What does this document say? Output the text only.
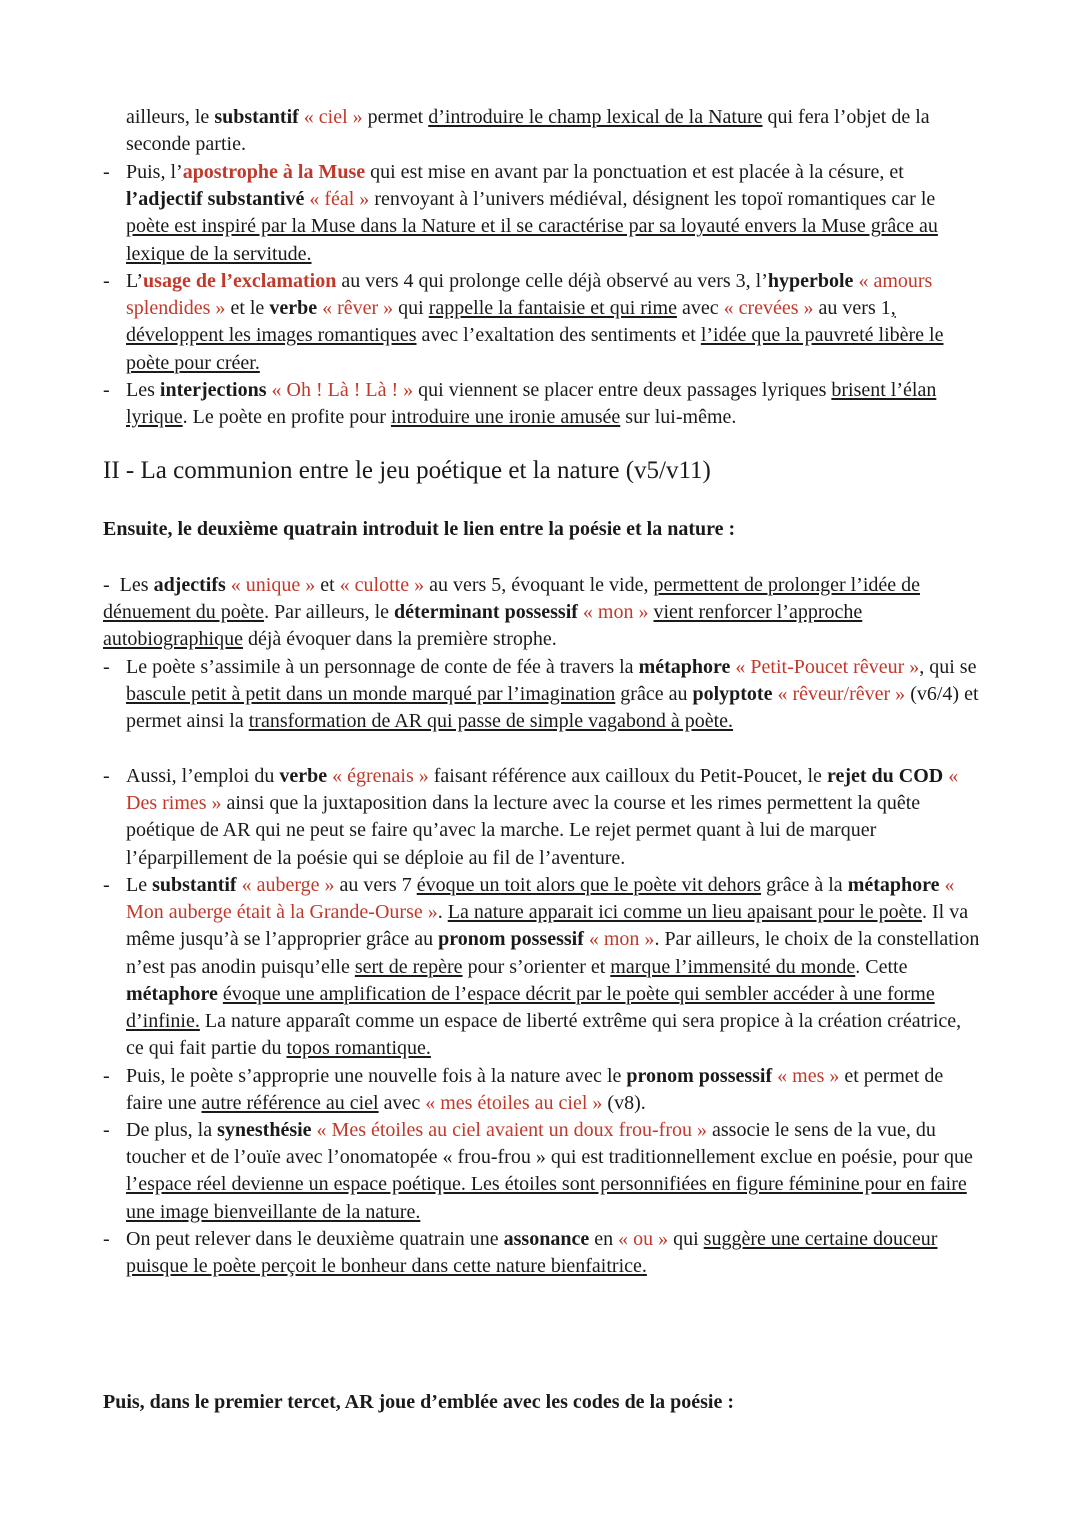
ailleurs, le substantif « ciel » permet d’introduire le champ lexical de la Nature qui fera l’objet de la seconde partie.

- Puis, l’apostrophe à la Muse qui est mise en avant par la ponctuation et est placée à la césure, et l’adjectif substantivé « féal » renvoyant à l’univers médiéval, désignent les topoï romantiques car le poète est inspiré par la Muse dans la Nature et il se caractérise par sa loyauté envers la Muse grâce au lexique de la servitude.
- L’usage de l’exclamation au vers 4 qui prolonge celle déjà observé au vers 3, l’hyperbole « amours splendides » et le verbe « rêver » qui rappelle la fantaisie et qui rime avec « crevées » au vers 1, développent les images romantiques avec l’exaltation des sentiments et l’idée que la pauvreté libère le poète pour créer.
- Les interjections « Oh ! Là ! Là ! » qui viennent se placer entre deux passages lyriques brisent l’élan lyrique. Le poète en profite pour introduire une ironie amusée sur lui-même.
II - La communion entre le jeu poétique et la nature (v5/v11)

Ensuite, le deuxième quatrain introduit le lien entre la poésie et la nature :

-  Les adjectifs « unique » et « culotte » au vers 5, évoquant le vide, permettent de prolonger l’idée de dénuement du poète. Par ailleurs, le déterminant possessif « mon » vient renforcer l’approche autobiographique déjà évoquer dans la première strophe.
- Le poète s’assimile à un personnage de conte de fée à travers la métaphore « Petit-Poucet rêveur », qui se bascule petit à petit dans un monde marqué par l’imagination grâce au polyptote « rêveur/rêver » (v6/4) et permet ainsi la transformation de AR qui passe de simple vagabond à poète.
- Aussi, l’emploi du verbe « égrenais » faisant référence aux cailloux du Petit-Poucet, le rejet du COD « Des rimes » ainsi que la juxtaposition dans la lecture avec la course et les rimes permettent la quête poétique de AR qui ne peut se faire qu’avec la marche. Le rejet permet quant à lui de marquer l’éparpillement de la poésie qui se déploie au fil de l’aventure.
- Le substantif « auberge » au vers 7 évoque un toit alors que le poète vit dehors grâce à la métaphore « Mon auberge était à la Grande-Ourse ». La nature apparait ici comme un lieu apaisant pour le poète. Il va même jusqu’à se l’approprier grâce au pronom possessif « mon ». Par ailleurs, le choix de la constellation n’est pas anodin puisqu’elle sert de repère pour s’orienter et marque l’immensité du monde. Cette métaphore évoque une amplification de l’espace décrit par le poète qui sembler accéder à une forme d’infinie. La nature apparaît comme un espace de liberté extrême qui sera propice à la création créatrice, ce qui fait partie du topos romantique.
- Puis, le poète s’approprie une nouvelle fois à la nature avec le pronom possessif « mes » et permet de faire une autre référence au ciel avec « mes étoiles au ciel » (v8).
- De plus, la synesthésie « Mes étoiles au ciel avaient un doux frou-frou » associe le sens de la vue, du toucher et de l’ouïe avec l’onomatopée « frou-frou » qui est traditionnellement exclue en poésie, pour que l’espace réel devienne un espace poétique. Les étoiles sont personnifiées en figure féminine pour en faire une image bienveillante de la nature.
- On peut relever dans le deuxième quatrain une assonance en « ou » qui suggère une certaine douceur puisque le poète perçoit le bonheur dans cette nature bienfaitrice.

Puis, dans le premier tercet, AR joue d’emblée avec les codes de la poésie :
